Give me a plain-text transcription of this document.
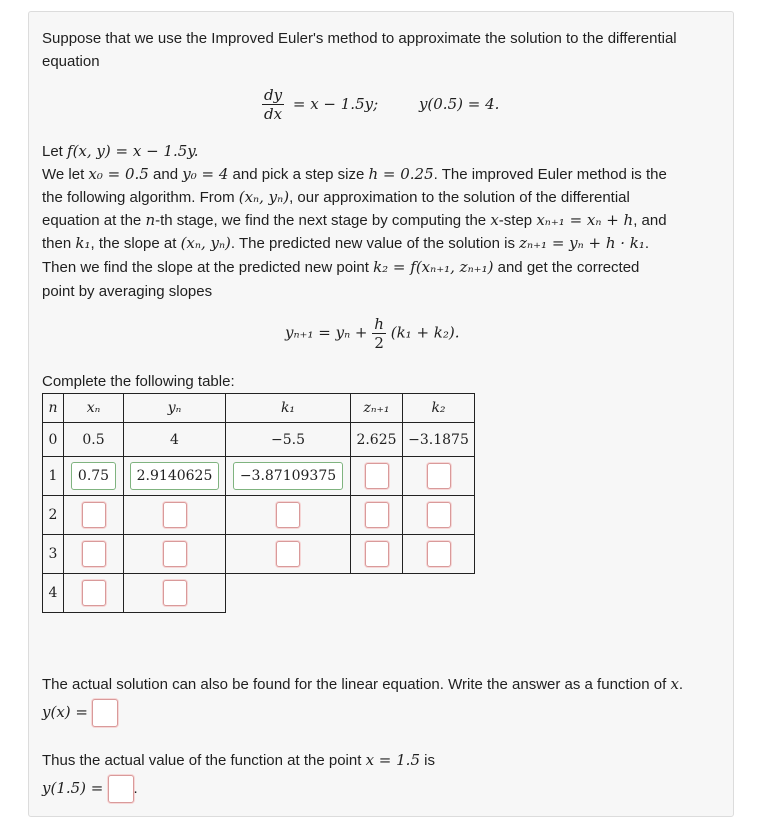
Suppose that we use the Improved Euler's method to approximate the solution to the differential
equation
$\frac{dy}{dx} = x - 1.5y$;	y(0.5) = 4.
Let f(x, y) = x − 1.5y.
We let x₀ = 0.5 and y₀ = 4 and pick a step size h = 0.25. The improved Euler method is the
the following algorithm. From (xₙ, yₙ), our approximation to the solution of the differential
equation at the n-th stage, we find the next stage by computing the x-step xₙ₊₁ = xₙ + h, and
then k₁, the slope at (xₙ, yₙ). The predicted new value of the solution is zₙ₊₁ = yₙ + h · k₁.
Then we find the slope at the predicted new point k₂ = f(xₙ₊₁, zₙ₊₁) and get the corrected
point by averaging slopes
$y_{n+1} = y_n + \frac{h}{2} (k_1 + k_2)$.
Complete the following table:
n	xₙ	yₙ	k₁	zₙ₊₁	k₂
0	0.5	4	−5.5	2.625	−3.1875
1	0.75	2.9140625	−3.87109375		
2					
3					
4					
The actual solution can also be found for the linear equation. Write the answer as a function of x.
y(x) =
Thus the actual value of the function at the point x = 1.5 is
y(1.5) = .
